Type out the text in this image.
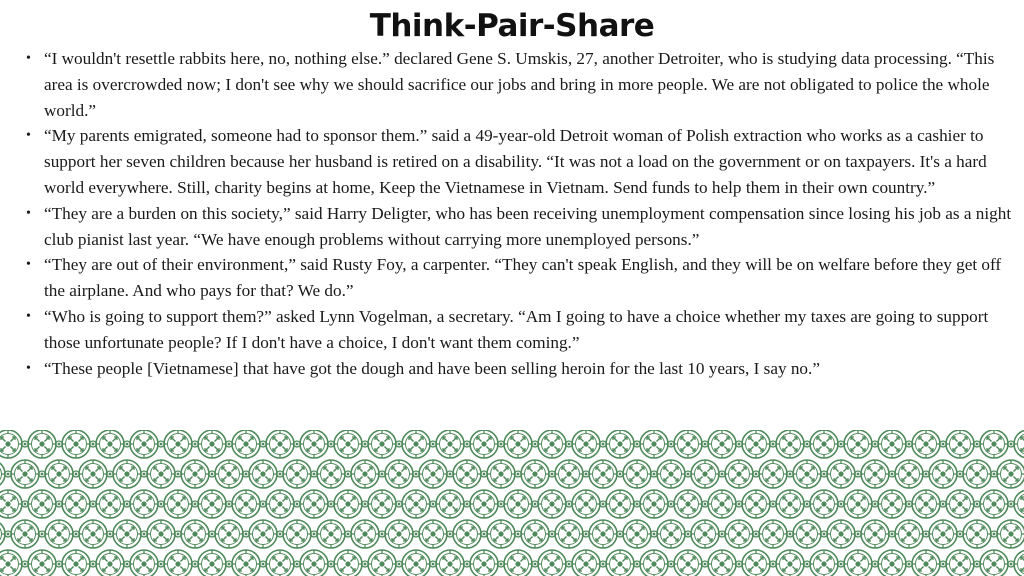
Think-Pair-Share
• “I wouldn't resettle rabbits here, no, nothing else.” declared Gene S. Umskis, 27, another Detroiter, who is studying data processing. “This area is overcrowded now; I don't see why we should sacrifice our jobs and bring in more people. We are not obligated to police the whole world.”
• “My parents emigrated, someone had to sponsor them.” said a 49-year-old Detroit woman of Polish extraction who works as a cashier to support her seven children because her husband is retired on a disability. “It was not a load on the government or on taxpayers. It's a hard world everywhere. Still, charity begins at home, Keep the Vietnamese in Vietnam. Send funds to help them in their own country.”
• “They are a burden on this society,” said Harry Deligter, who has been receiving unemployment compensation since losing his job as a night club pianist last year. “We have enough problems without carrying more unemployed persons.”
• “They are out of their environment,” said Rusty Foy, a carpenter. “They can't speak English, and they will be on welfare before they get off the airplane. And who pays for that? We do.”
• “Who is going to support them?” asked Lynn Vogelman, a secretary. “Am I going to have a choice whether my taxes are going to support those unfortunate people? If I don't have a choice, I don't want them coming.”
• “These people [Vietnamese] that have got the dough and have been selling heroin for the last 10 years, I say no.”
